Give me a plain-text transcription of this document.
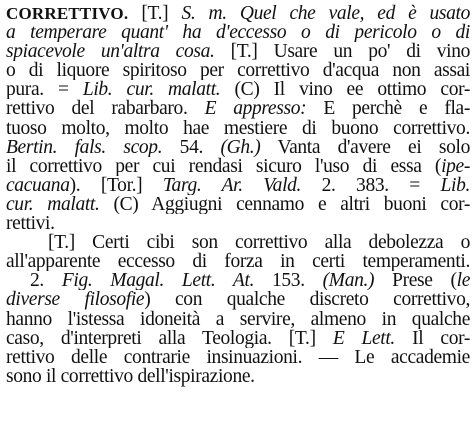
CORRETTIVO. [T.] S. m. Quel che vale, ed è usato
a temperare quant' ha d'eccesso o di pericolo o di
spiacevole un'altra cosa. [T.] Usare un po' di vino
o di liquore spiritoso per correttivo d'acqua non assai
pura. = Lib. cur. malatt. (C) Il vino ee ottimo cor-
rettivo del rabarbaro. E appresso: E perchè e fla-
tuoso molto, molto hae mestiere di buono correttivo.
Bertin. fals. scop. 54. (Gh.) Vanta d'avere ei solo
il correttivo per cui rendasi sicuro l'uso di essa (ipe-
cacuana). [Tor.] Targ. Ar. Vald. 2. 383. = Lib.
cur. malatt. (C) Aggiugni cennamo e altri buoni cor-
rettivi.
[T.] Certi cibi son correttivo alla debolezza o
all'apparente eccesso di forza in certi temperamenti.
2. Fig. Magal. Lett. At. 153. (Man.) Prese (le
diverse filosofie) con qualche discreto correttivo,
hanno l'istessa idoneità a servire, almeno in qualche
caso, d'interpreti alla Teologia. [T.] E Lett. Il cor-
rettivo delle contrarie insinuazioni. — Le accademie
sono il correttivo dell'ispirazione.
